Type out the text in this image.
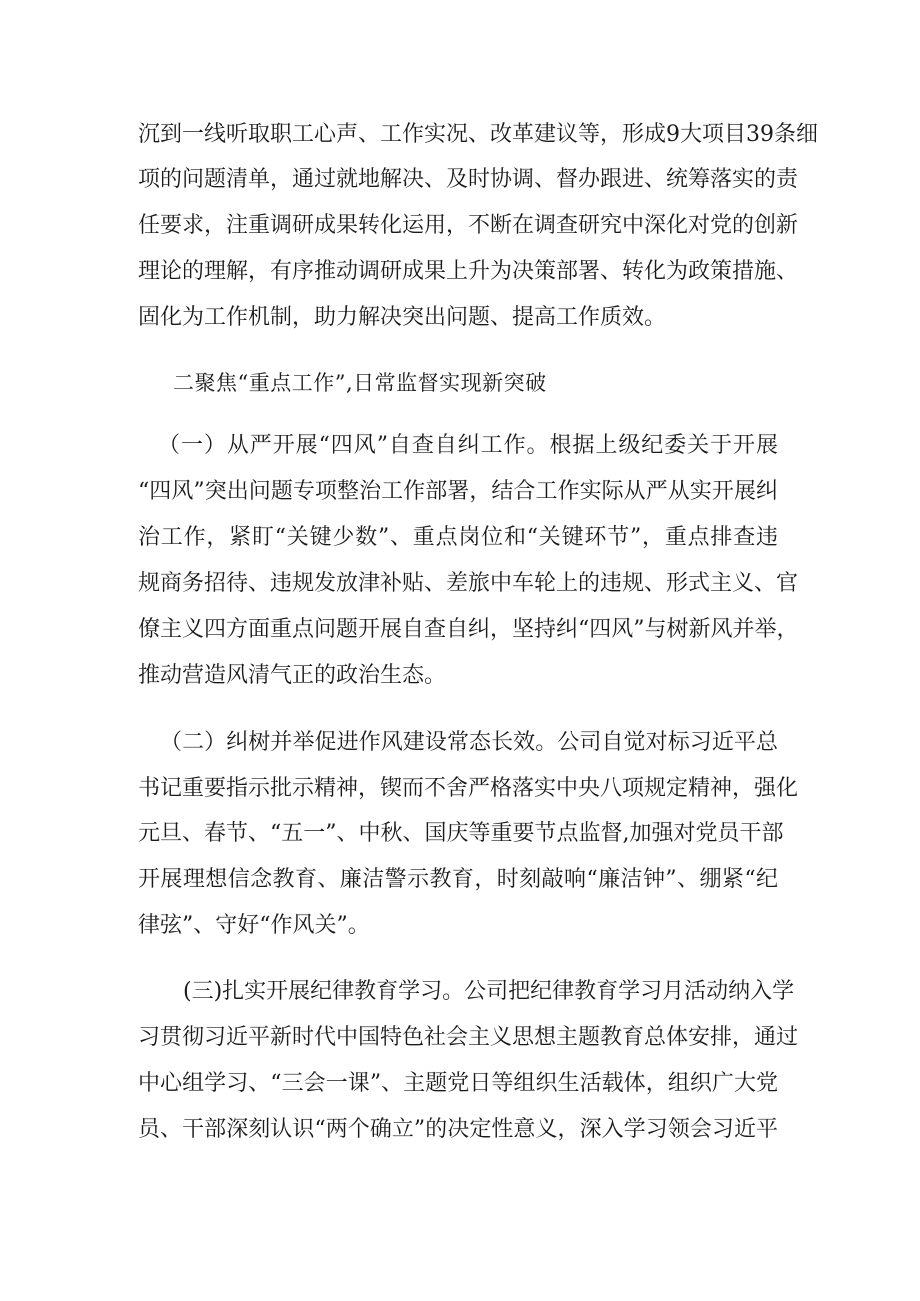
沉到一线听取职工心声、工作实况、改革建议等，形成9大项目39条细
项的问题清单，通过就地解决、及时协调、督办跟进、统筹落实的责
任要求，注重调研成果转化运用，不断在调查研究中深化对党的创新
理论的理解，有序推动调研成果上升为决策部署、转化为政策措施、
固化为工作机制，助力解决突出问题、提高工作质效。
二聚焦“重点工作”,日常监督实现新突破
（一）从严开展“四风”自查自纠工作。根据上级纪委关于开展
“四风”突出问题专项整治工作部署，结合工作实际从严从实开展纠
治工作，紧盯“关键少数”、重点岗位和“关键环节”，重点排查违
规商务招待、违规发放津补贴、差旅中车轮上的违规、形式主义、官
僚主义四方面重点问题开展自查自纠，坚持纠“四风”与树新风并举，
推动营造风清气正的政治生态。
（二）纠树并举促进作风建设常态长效。公司自觉对标习近平总
书记重要指示批示精神，锲而不舍严格落实中央八项规定精神，强化
元旦、春节、“五一”、中秋、国庆等重要节点监督,加强对党员干部
开展理想信念教育、廉洁警示教育，时刻敲响“廉洁钟”、绷紧“纪
律弦”、守好“作风关”。
(三)扎实开展纪律教育学习。公司把纪律教育学习月活动纳入学
习贯彻习近平新时代中国特色社会主义思想主题教育总体安排，通过
中心组学习、“三会一课”、主题党日等组织生活载体，组织广大党
员、干部深刻认识“两个确立”的决定性意义，深入学习领会习近平
